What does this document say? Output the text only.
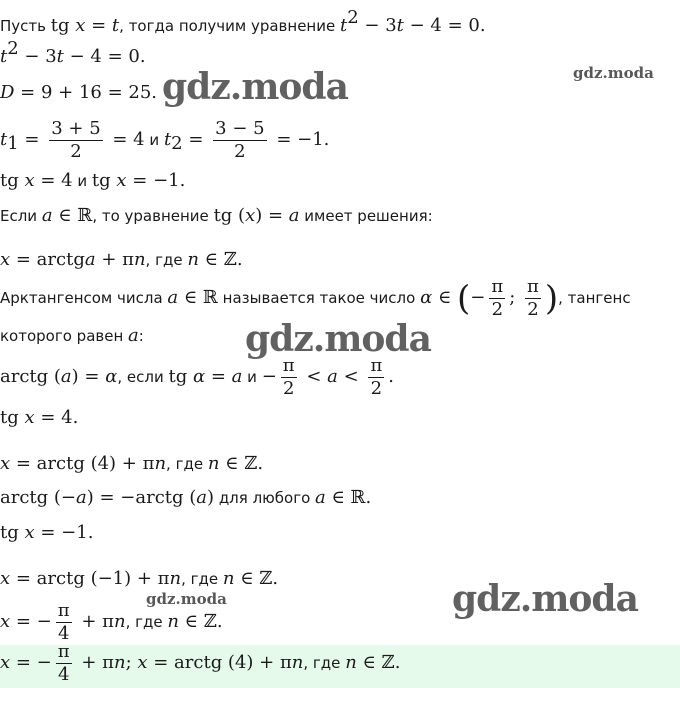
gdz.moda	gdz.moda
gdz.moda
gdz.moda
gdz.moda
Пусть tg x = t, тогда получим уравнение $t^2 - 3t - 4 = 0$.
$t^2 - 3t - 4 = 0$.
D = 9 + 16 = 25.
$t_1 = \frac{3 + 5}{2} = 4$ и $t_2 = \frac{3 - 5}{2} = -1$.
tg x = 4 и tg x = −1.
Если a ∈ ℝ, то уравнение tg (x) = a имеет решения:
x = arctga + πn, где n ∈ ℤ.
Арктангенсом числа a ∈ ℝ называется такое число α ∈ (− $\frac{\pi}{2}$ ; $\frac{\pi}{2}$ ), тангенс
которого равен a:
arctg (a) = α, если tg α = a $и - \frac{\pi}{2} < a < \frac{\pi}{2}$ .
tg x = 4.
x = arctg (4) + πn, где n ∈ ℤ.
arctg (−a) = −arctg (a) для любого a ∈ ℝ.
tg x = −1.
x = arctg (−1) + πn, где n ∈ ℤ.
x = − $\frac{\pi}{4} + \pi n$, где n ∈ ℤ.
x = − $\frac{\pi}{4} + \pi n$; x = arctg (4) + πn, где n ∈ ℤ.
